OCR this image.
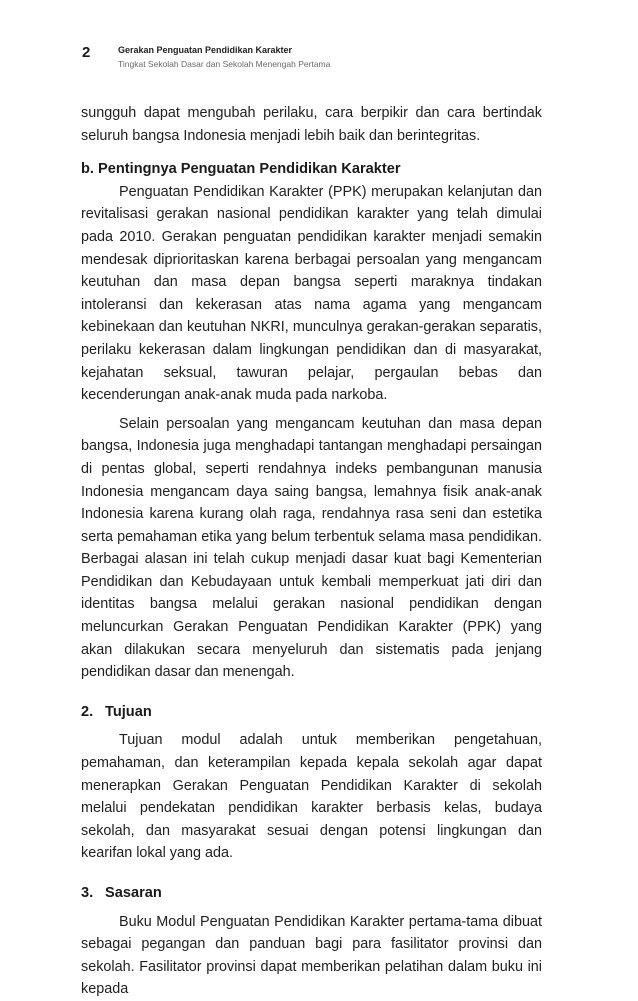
2	Gerakan Penguatan Pendidikan Karakter
Tingkat Sekolah Dasar dan Sekolah Menengah Pertama

sungguh dapat mengubah perilaku, cara berpikir dan cara bertindak seluruh bangsa Indonesia menjadi lebih baik dan berintegritas.

b. Pentingnya Penguatan Pendidikan Karakter

Penguatan Pendidikan Karakter (PPK) merupakan kelanjutan dan revitalisasi gerakan nasional pendidikan karakter yang telah dimulai pada 2010. Gerakan penguatan pendidikan karakter menjadi semakin mendesak diprioritaskan karena berbagai persoalan yang mengancam keutuhan dan masa depan bangsa seperti maraknya tindakan intoleransi dan kekerasan atas nama agama yang mengancam kebinekaan dan keutuhan NKRI, munculnya gerakan-gerakan separatis, perilaku kekerasan dalam lingkungan pendidikan dan di masyarakat, kejahatan seksual, tawuran pelajar, pergaulan bebas dan kecenderungan anak-anak muda pada narkoba.

Selain persoalan yang mengancam keutuhan dan masa depan bangsa, Indonesia juga menghadapi tantangan menghadapi persaingan di pentas global, seperti rendahnya indeks pembangunan manusia Indonesia mengancam daya saing bangsa, lemahnya fisik anak-anak Indonesia karena kurang olah raga, rendahnya rasa seni dan estetika serta pemahaman etika yang belum terbentuk selama masa pendidikan. Berbagai alasan ini telah cukup menjadi dasar kuat bagi Kementerian Pendidikan dan Kebudayaan untuk kembali memperkuat jati diri dan identitas bangsa melalui gerakan nasional pendidikan dengan meluncurkan Gerakan Penguatan Pendidikan Karakter (PPK) yang akan dilakukan secara menyeluruh dan sistematis pada jenjang pendidikan dasar dan menengah.

2. Tujuan

Tujuan modul adalah untuk memberikan pengetahuan, pemahaman, dan keterampilan kepada kepala sekolah agar dapat menerapkan Gerakan Penguatan Pendidikan Karakter di sekolah melalui pendekatan pendidikan karakter berbasis kelas, budaya sekolah, dan masyarakat sesuai dengan potensi lingkungan dan kearifan lokal yang ada.

3. Sasaran

Buku Modul Penguatan Pendidikan Karakter pertama-tama dibuat sebagai pegangan dan panduan bagi para fasilitator provinsi dan sekolah. Fasilitator provinsi dapat memberikan pelatihan dalam buku ini kepada
